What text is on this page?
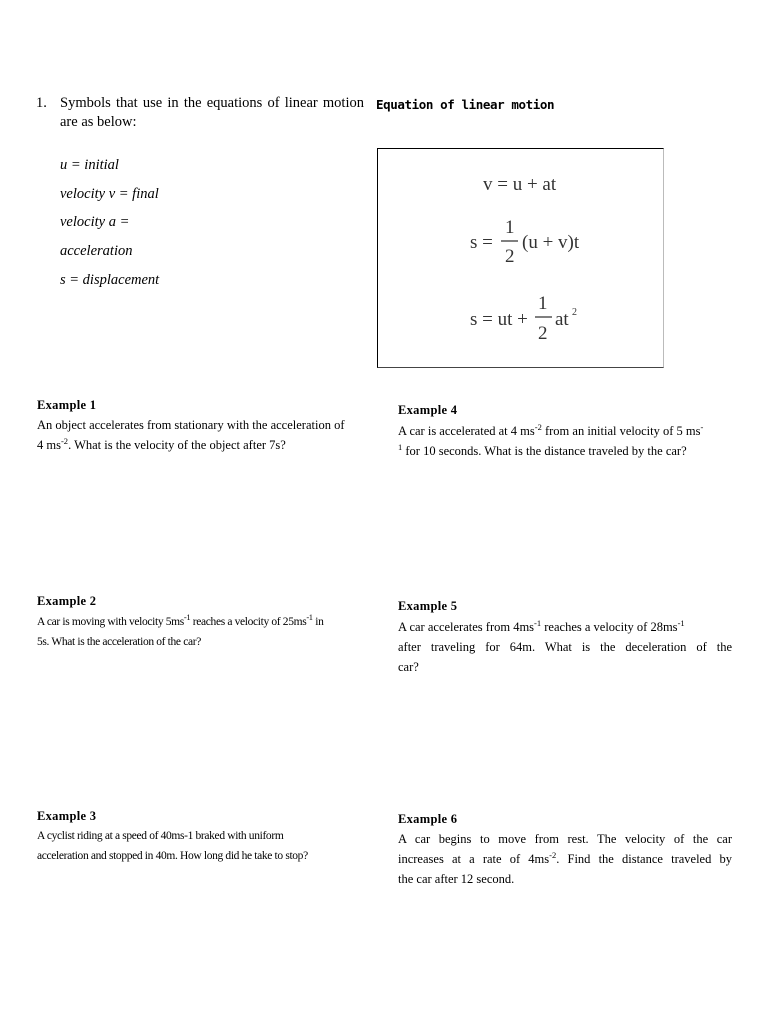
1. Symbols that use in the equations of linear motion are as below:
u = initial
velocity v = final
velocity a =
acceleration
s = displacement
Equation of linear motion
v = u + at
s =
1
2
(u + v)t
s = ut +
1
2
at 2
Example 1
An object accelerates from stationary with the acceleration of
4 $ms^{-2}$. What is the velocity of the object after 7s?
Example 2
A car is moving with velocity $5ms^{-1}$ reaches a velocity of $25ms^{-1}$ in
5s. What is the acceleration of the car?
Example 3
A cyclist riding at a speed of 40ms-1 braked with uniform
acceleration and stopped in 40m. How long did he take to stop?
Example 4
A car is accelerated at 4 $ms^{-2}$ from an initial velocity of 5 ms-
$^1$ for 10 seconds. What is the distance traveled by the car?
Example 5
A car accelerates from $4ms^{-1}$ reaches a velocity of $28ms^{-1}$
after traveling for 64m. What is the deceleration of the
car?
Example 6
A car begins to move from rest. The velocity of the car
increases at a rate of $4ms^{-2}$. Find the distance traveled by
the car after 12 second.
